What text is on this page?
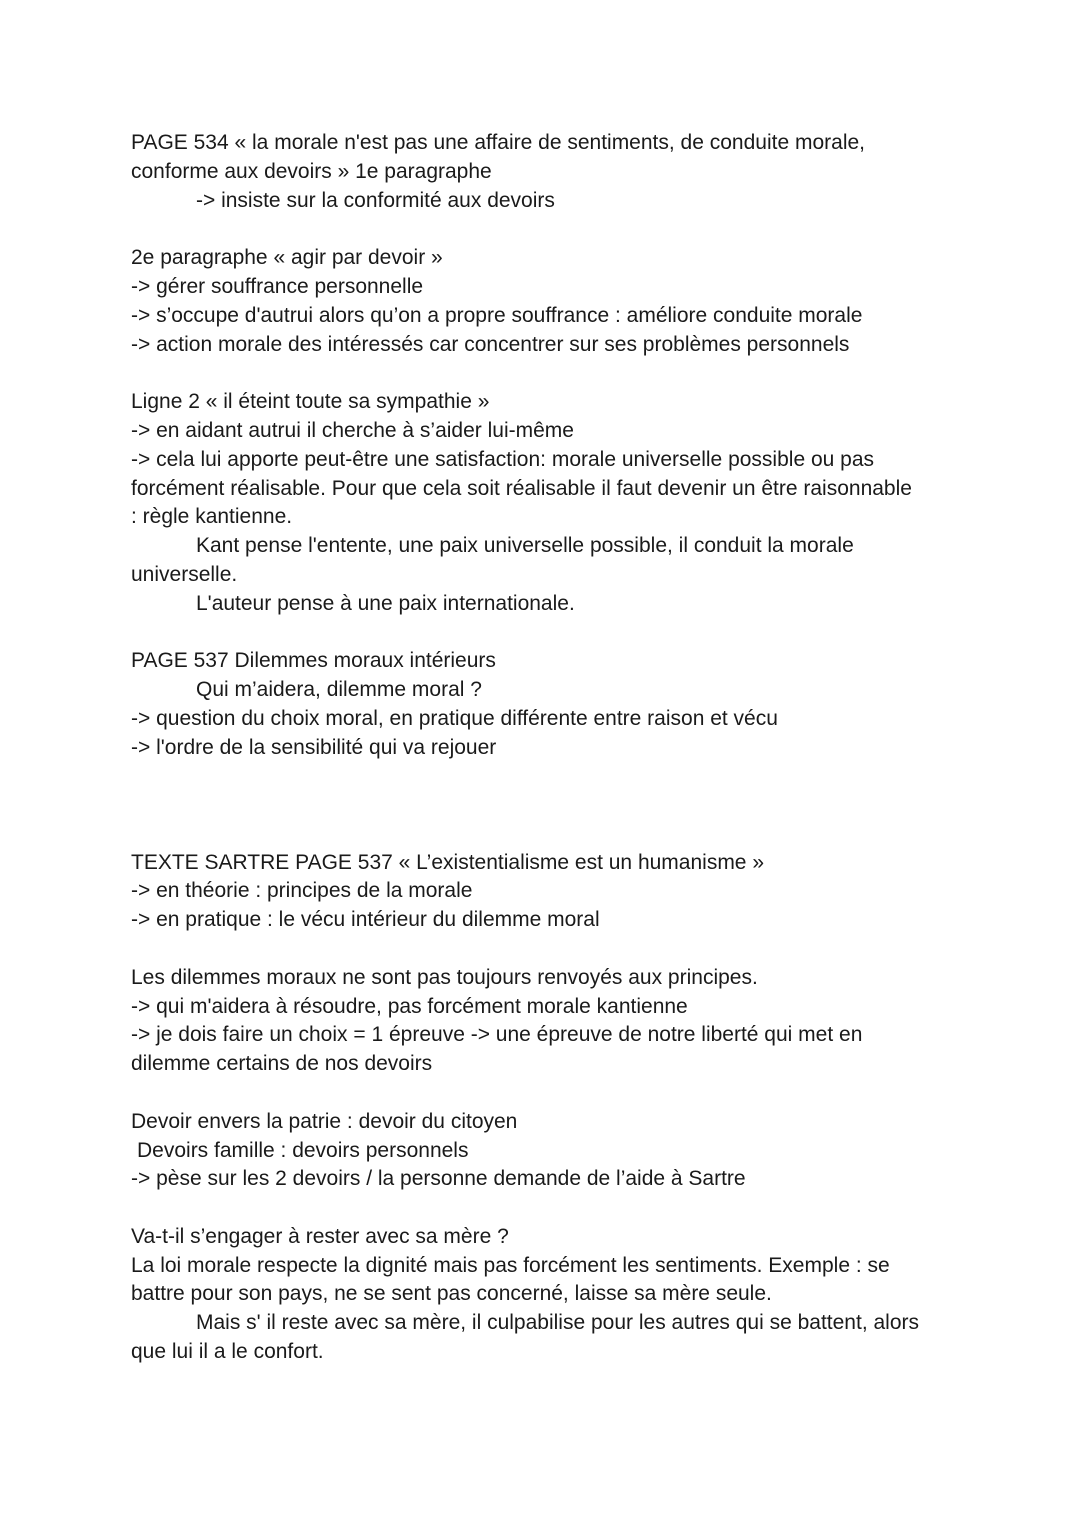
PAGE 534 « la morale n'est pas une affaire de sentiments, de conduite morale,

conforme aux devoirs » 1e paragraphe

-> insiste sur la conformité aux devoirs

2e paragraphe « agir par devoir »

-> gérer souffrance personnelle

-> s’occupe d'autrui alors qu’on a propre souffrance : améliore conduite morale

-> action morale des intéressés car concentrer sur ses problèmes personnels

Ligne 2 « il éteint toute sa sympathie »

-> en aidant autrui il cherche à s’aider lui-même

-> cela lui apporte peut-être une satisfaction: morale universelle possible ou pas

forcément réalisable. Pour que cela soit réalisable il faut devenir un être raisonnable

: règle kantienne.

Kant pense l'entente, une paix universelle possible, il conduit la morale

universelle.

L'auteur pense à une paix internationale.

PAGE 537 Dilemmes moraux intérieurs

Qui m’aidera, dilemme moral ?

-> question du choix moral, en pratique différente entre raison et vécu

-> l'ordre de la sensibilité qui va rejouer

TEXTE SARTRE PAGE 537 « L’existentialisme est un humanisme »

-> en théorie : principes de la morale

-> en pratique : le vécu intérieur du dilemme moral

Les dilemmes moraux ne sont pas toujours renvoyés aux principes.

-> qui m'aidera à résoudre, pas forcément morale kantienne

-> je dois faire un choix = 1 épreuve -> une épreuve de notre liberté qui met en

dilemme certains de nos devoirs

Devoir envers la patrie : devoir du citoyen

Devoirs famille : devoirs personnels

-> pèse sur les 2 devoirs / la personne demande de l’aide à Sartre

Va-t-il s’engager à rester avec sa mère ?

La loi morale respecte la dignité mais pas forcément les sentiments. Exemple : se

battre pour son pays, ne se sent pas concerné, laisse sa mère seule.

Mais s' il reste avec sa mère, il culpabilise pour les autres qui se battent, alors

que lui il a le confort.
